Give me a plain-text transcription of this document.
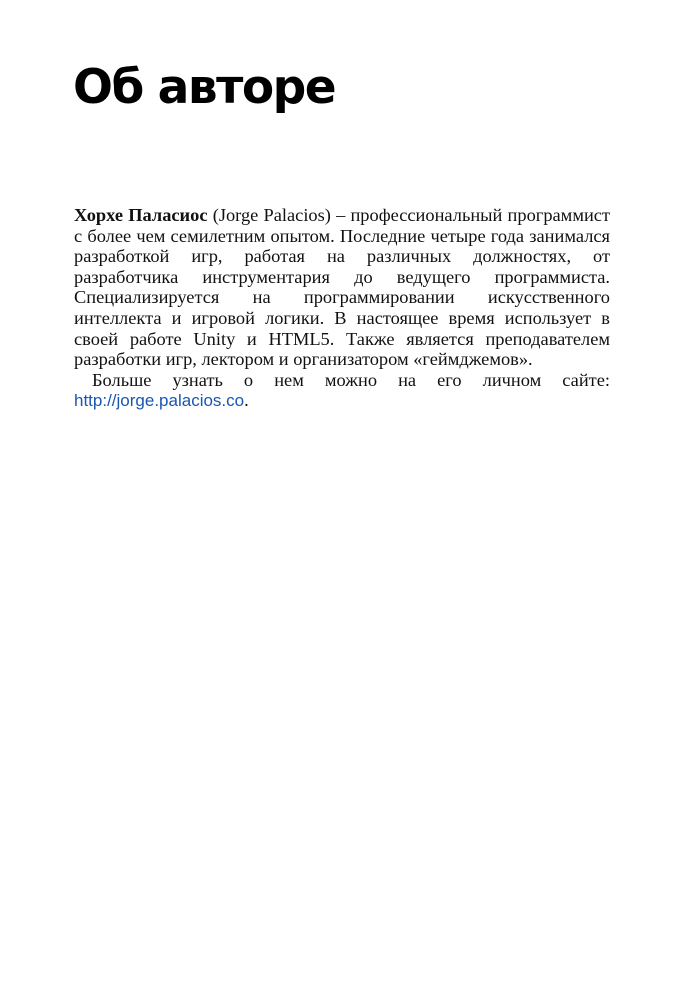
Об авторе

Хорхе Паласиос (Jorge Palacios) – профессиональный программист с более чем семилетним опытом. Последние четыре года занимался разработкой игр, работая на различных должностях, от разработчика инструментария до ведущего программиста. Специализируется на программировании искусственного интеллекта и игровой логики. В настоящее время использует в своей работе Unity и HTML5. Также является преподавателем разработки игр, лектором и организатором «геймджемов».

Больше узнать о нем можно на его личном сайте: http://jorge.palacios.co.
